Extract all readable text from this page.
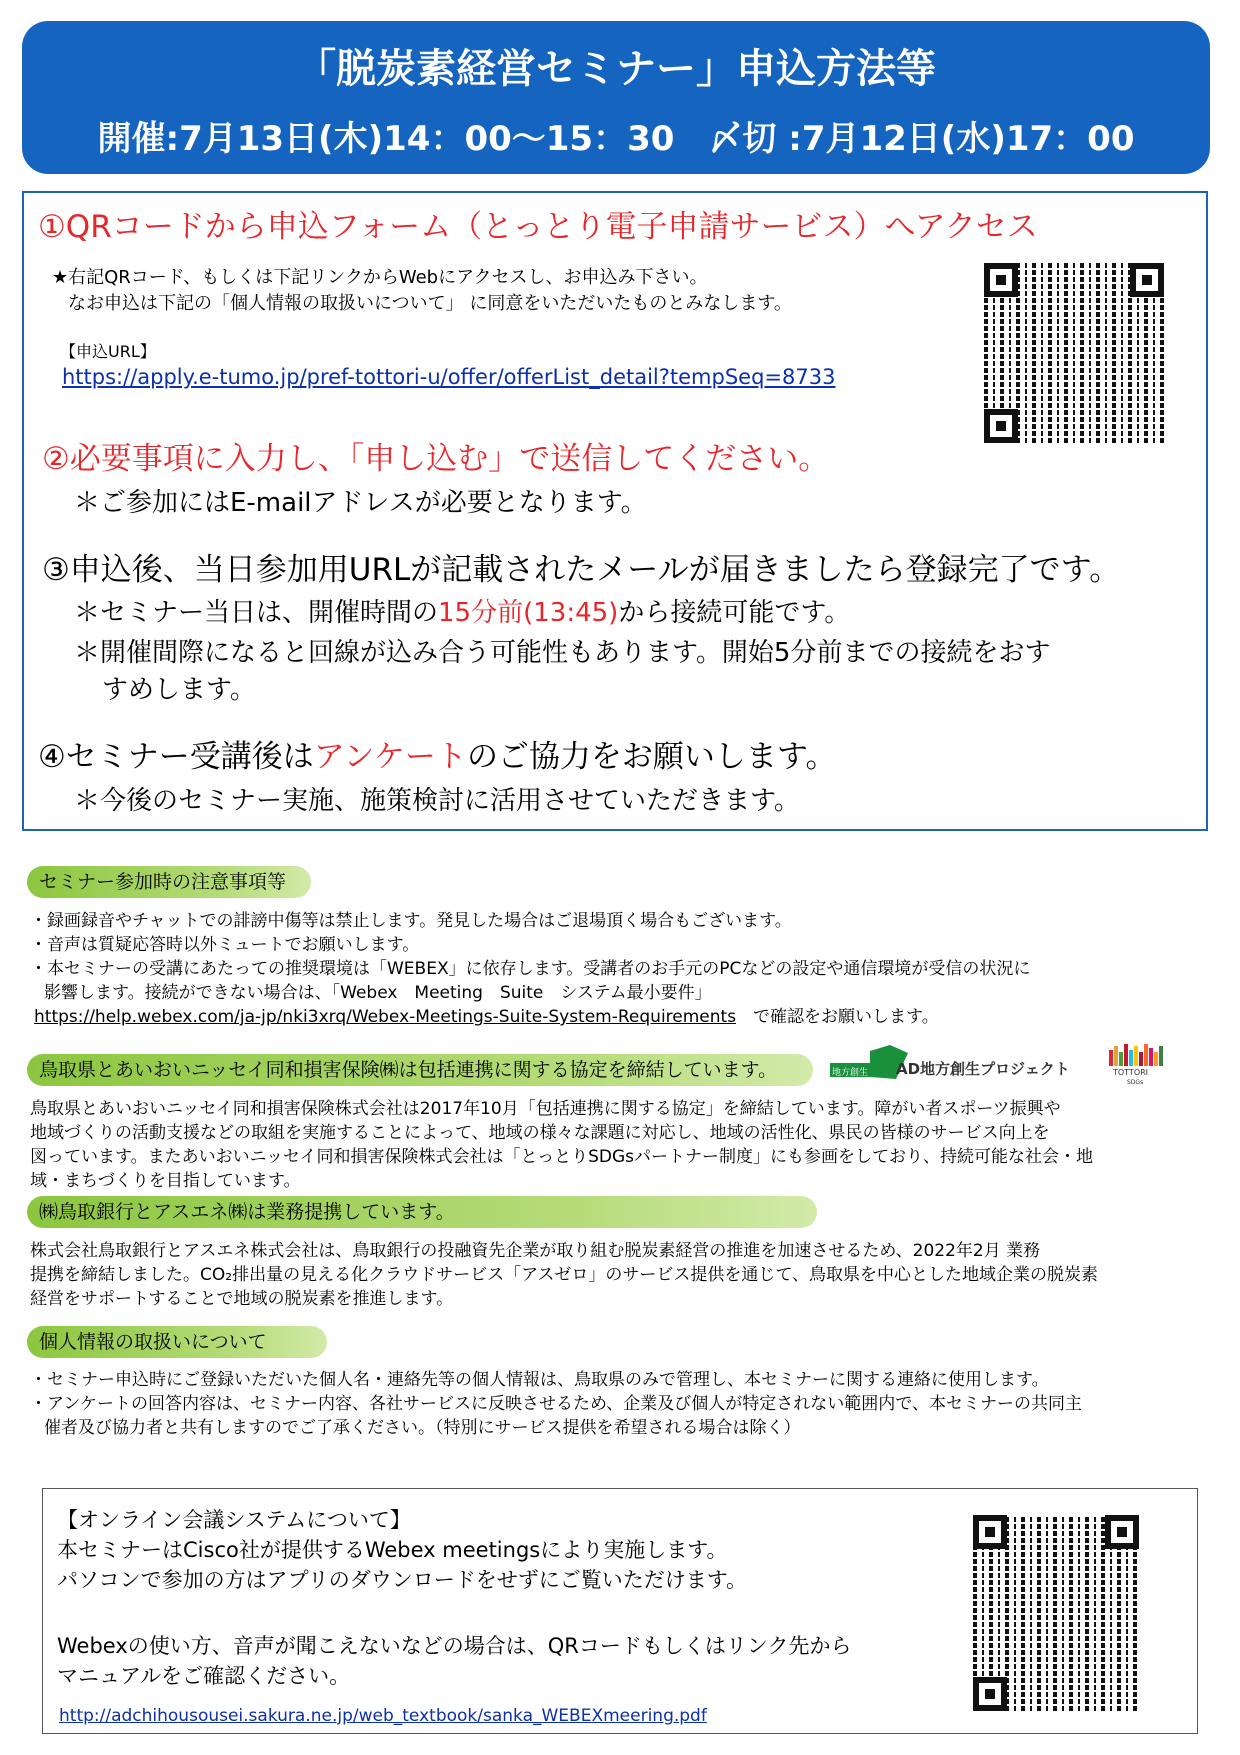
「脱炭素経営セミナー」申込方法等
開催:7月13日(木)14：00～15：30　〆切 :7月12日(水)17：00
①QRコードから申込フォーム（とっとり電子申請サービス）へアクセス
★右記QRコード、もしくは下記リンクからWebにアクセスし、お申込み下さい。
なお申込は下記の「個人情報の取扱いについて」 に同意をいただいたものとみなします。
【申込URL】
https://apply.e-tumo.jp/pref-tottori-u/offer/offerList_detail?tempSeq=8733
②必要事項に入力し、「申し込む」で送信してください。
＊ご参加にはE-mailアドレスが必要となります。
③申込後、当日参加用URLが記載されたメールが届きましたら登録完了です。
＊セミナー当日は、開催時間の15分前(13:45)から接続可能です。
＊開催間際になると回線が込み合う可能性もあります。開始5分前までの接続をおす
すめします。
④セミナー受講後はアンケートのご協力をお願いします。
＊今後のセミナー実施、施策検討に活用させていただきます。
セミナー参加時の注意事項等
・録画録音やチャットでの誹謗中傷等は禁止します。発見した場合はご退場頂く場合もございます。
・音声は質疑応答時以外ミュートでお願いします。
・本セミナーの受講にあたっての推奨環境は「WEBEX」に依存します。受講者のお手元のPCなどの設定や通信環境が受信の状況に
影響します。接続ができない場合は、「Webex　Meeting　Suite　システム最小要件」
https://help.webex.com/ja-jp/nki3xrq/Webex-Meetings-Suite-System-Requirements　で確認をお願いします。
鳥取県とあいおいニッセイ同和損害保険㈱は包括連携に関する協定を締結しています。	地方創生 AD地方創生プロジェクト	TOTTORI
SDGs
鳥取県とあいおいニッセイ同和損害保険株式会社は2017年10月「包括連携に関する協定」を締結しています。障がい者スポーツ振興や
地域づくりの活動支援などの取組を実施することによって、地域の様々な課題に対応し、地域の活性化、県民の皆様のサービス向上を
図っています。またあいおいニッセイ同和損害保険株式会社は「とっとりSDGsパートナー制度」にも参画をしており、持続可能な社会・地
域・まちづくりを目指しています。
㈱鳥取銀行とアスエネ㈱は業務提携しています。
株式会社鳥取銀行とアスエネ株式会社は、鳥取銀行の投融資先企業が取り組む脱炭素経営の推進を加速させるため、2022年2月 業務
提携を締結しました。CO₂排出量の見える化クラウドサービス「アスゼロ」のサービス提供を通じて、鳥取県を中心とした地域企業の脱炭素
経営をサポートすることで地域の脱炭素を推進します。
個人情報の取扱いについて
・セミナー申込時にご登録いただいた個人名・連絡先等の個人情報は、鳥取県のみで管理し、本セミナーに関する連絡に使用します。
・アンケートの回答内容は、セミナー内容、各社サービスに反映させるため、企業及び個人が特定されない範囲内で、本セミナーの共同主
催者及び協力者と共有しますのでご了承ください。（特別にサービス提供を希望される場合は除く）
【オンライン会議システムについて】
本セミナーはCisco社が提供するWebex meetingsにより実施します。
パソコンで参加の方はアプリのダウンロードをせずにご覧いただけます。
Webexの使い方、音声が聞こえないなどの場合は、QRコードもしくはリンク先から
マニュアルをご確認ください。
http://adchihousousei.sakura.ne.jp/web_textbook/sanka_WEBEXmeering.pdf
